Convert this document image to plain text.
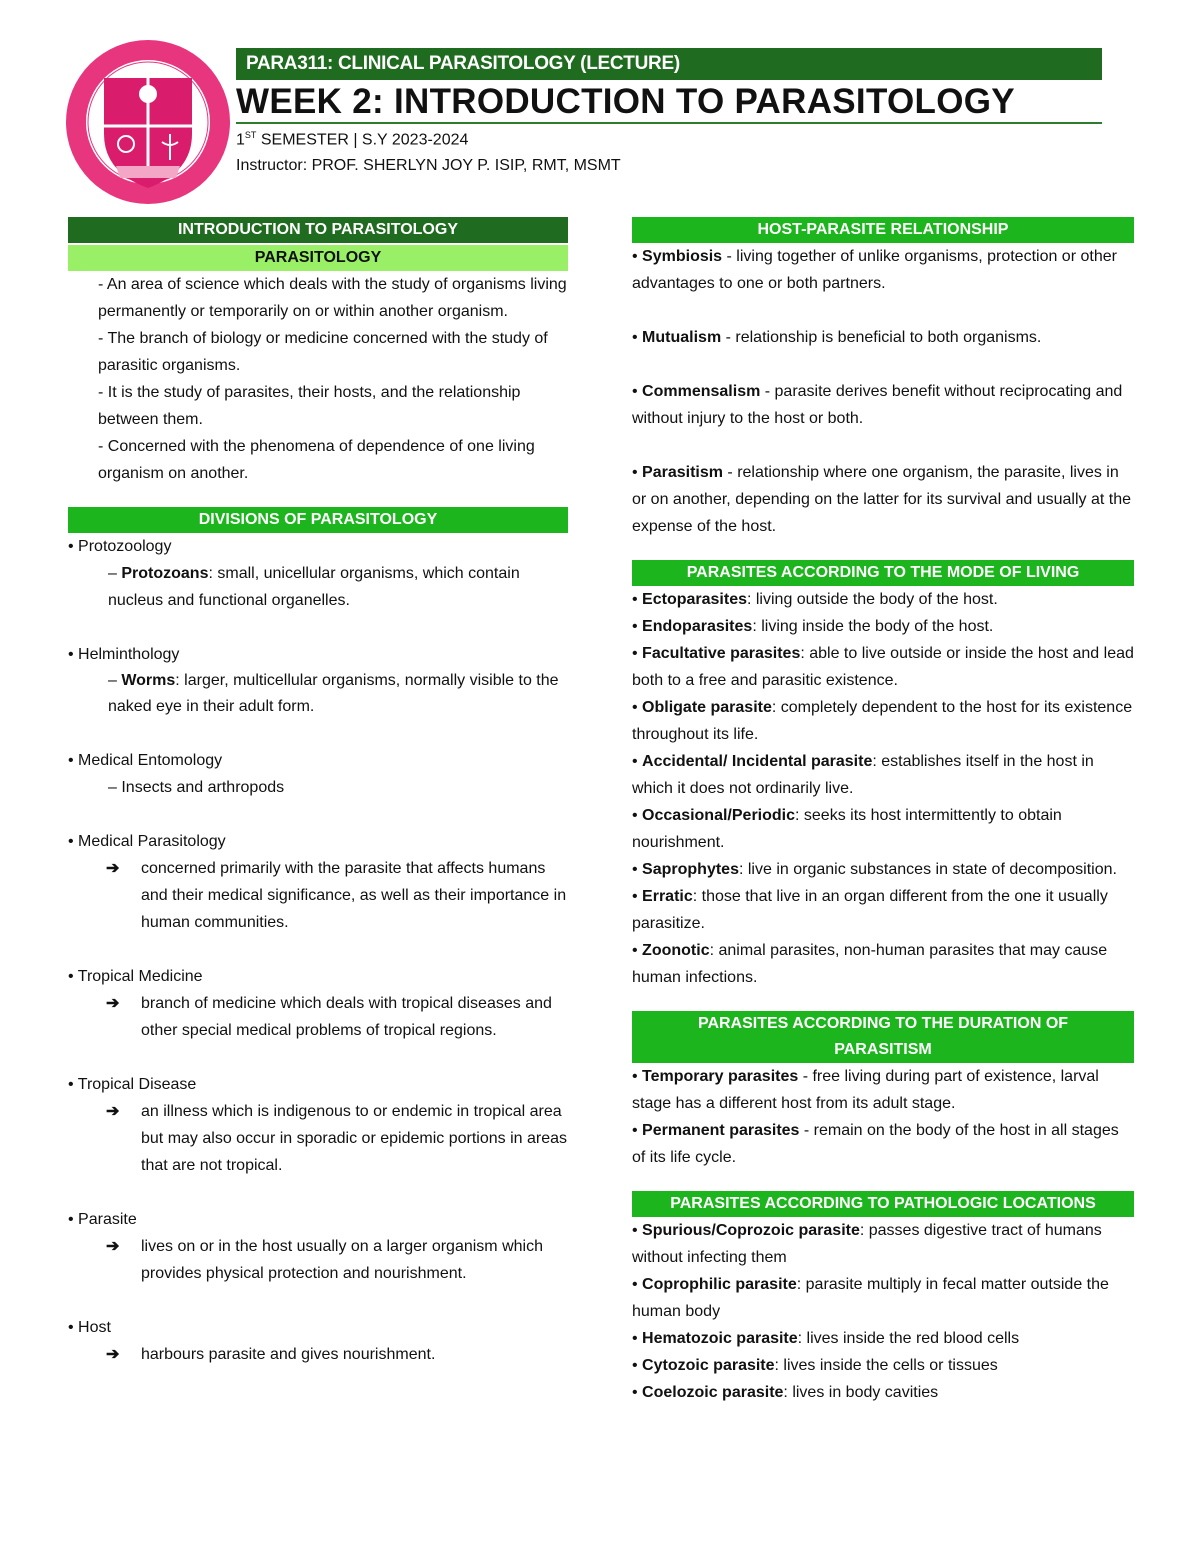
PARA311: CLINICAL PARASITOLOGY (LECTURE)
WEEK 2: INTRODUCTION TO PARASITOLOGY
1ST SEMESTER | S.Y 2023-2024
Instructor: PROF. SHERLYN JOY P. ISIP, RMT, MSMT
INTRODUCTION TO PARASITOLOGY
PARASITOLOGY
- An area of science which deals with the study of organisms living permanently or temporarily on or within another organism.
- The branch of biology or medicine concerned with the study of parasitic organisms.
- It is the study of parasites, their hosts, and the relationship between them.
- Concerned with the phenomena of dependence of one living organism on another.
DIVISIONS OF PARASITOLOGY
• Protozoology
– Protozoans: small, unicellular organisms, which contain nucleus and functional organelles.
• Helminthology
– Worms: larger, multicellular organisms, normally visible to the naked eye in their adult form.
• Medical Entomology
– Insects and arthropods
• Medical Parasitology
➔ concerned primarily with the parasite that affects humans and their medical significance, as well as their importance in human communities.
• Tropical Medicine
➔ branch of medicine which deals with tropical diseases and other special medical problems of tropical regions.
• Tropical Disease
➔ an illness which is indigenous to or endemic in tropical area but may also occur in sporadic or epidemic portions in areas that are not tropical.
• Parasite
➔ lives on or in the host usually on a larger organism which provides physical protection and nourishment.
• Host
➔ harbours parasite and gives nourishment.
HOST-PARASITE RELATIONSHIP
• Symbiosis - living together of unlike organisms, protection or other advantages to one or both partners.
• Mutualism - relationship is beneficial to both organisms.
• Commensalism - parasite derives benefit without reciprocating and without injury to the host or both.
• Parasitism - relationship where one organism, the parasite, lives in or on another, depending on the latter for its survival and usually at the expense of the host.
PARASITES ACCORDING TO THE MODE OF LIVING
• Ectoparasites: living outside the body of the host.
• Endoparasites: living inside the body of the host.
• Facultative parasites: able to live outside or inside the host and lead both to a free and parasitic existence.
• Obligate parasite: completely dependent to the host for its existence throughout its life.
• Accidental/ Incidental parasite: establishes itself in the host in which it does not ordinarily live.
• Occasional/Periodic: seeks its host intermittently to obtain nourishment.
• Saprophytes: live in organic substances in state of decomposition.
• Erratic: those that live in an organ different from the one it usually parasitize.
• Zoonotic: animal parasites, non-human parasites that may cause human infections.
PARASITES ACCORDING TO THE DURATION OF PARASITISM
• Temporary parasites - free living during part of existence, larval stage has a different host from its adult stage.
• Permanent parasites - remain on the body of the host in all stages of its life cycle.
PARASITES ACCORDING TO PATHOLOGIC LOCATIONS
• Spurious/Coprozoic parasite: passes digestive tract of humans without infecting them
• Coprophilic parasite: parasite multiply in fecal matter outside the human body
• Hematozoic parasite: lives inside the red blood cells
• Cytozoic parasite: lives inside the cells or tissues
• Coelozoic parasite: lives in body cavities
